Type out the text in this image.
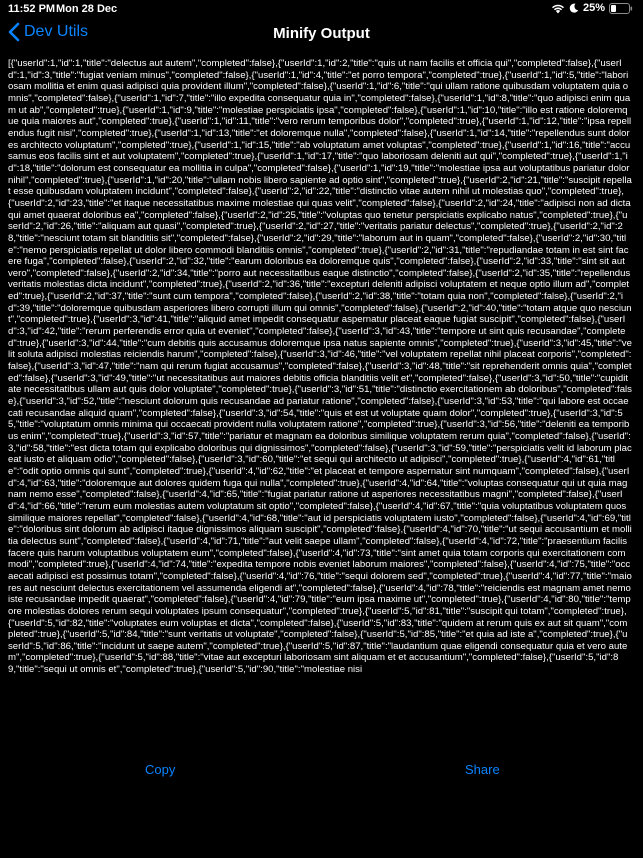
11:52 PM Mon 28 Dec	25%
Dev Utils	Minify Output
[{"userId":1,"id":1,"title":"delectus aut autem","completed":false},{"userId":1,"id":2,"title":"quis ut nam facilis et officia qui","completed":false},{"userId":1,"id":3,"title":"fugiat veniam minus","completed":false},{"userId":1,"id":4,"title":"et porro tempora","completed":true},{"userId":1,"id":5,"title":"laboriosam mollitia et enim quasi adipisci quia provident illum","completed":false},{"userId":1,"id":6,"title":"qui ullam ratione quibusdam voluptatem quia omnis","completed":false},{"userId":1,"id":7,"title":"illo expedita consequatur quia in","completed":false},{"userId":1,"id":8,"title":"quo adipisci enim quam ut ab","completed":true},{"userId":1,"id":9,"title":"molestiae perspiciatis ipsa","completed":false},{"userId":1,"id":10,"title":"illo est ratione doloremque quia maiores aut","completed":true},{"userId":1,"id":11,"title":"vero rerum temporibus dolor","completed":true},{"userId":1,"id":12,"title":"ipsa repellendus fugit nisi","completed":true},{"userId":1,"id":13,"title":"et doloremque nulla","completed":false},{"userId":1,"id":14,"title":"repellendus sunt dolores architecto voluptatum","completed":true},{"userId":1,"id":15,"title":"ab voluptatum amet voluptas","completed":true},{"userId":1,"id":16,"title":"accusamus eos facilis sint et aut voluptatem","completed":true},{"userId":1,"id":17,"title":"quo laboriosam deleniti aut qui","completed":true},{"userId":1,"id":18,"title":"dolorum est consequatur ea mollitia in culpa","completed":false},{"userId":1,"id":19,"title":"molestiae ipsa aut voluptatibus pariatur dolor nihil","completed":true},{"userId":1,"id":20,"title":"ullam nobis libero sapiente ad optio sint","completed":true},{"userId":2,"id":21,"title":"suscipit repellat esse quibusdam voluptatem incidunt","completed":false},{"userId":2,"id":22,"title":"distinctio vitae autem nihil ut molestias quo","completed":true},{"userId":2,"id":23,"title":"et itaque necessitatibus maxime molestiae qui quas velit","completed":false},{"userId":2,"id":24,"title":"adipisci non ad dicta qui amet quaerat doloribus ea","completed":false},{"userId":2,"id":25,"title":"voluptas quo tenetur perspiciatis explicabo natus","completed":true},{"userId":2,"id":26,"title":"aliquam aut quasi","completed":true},{"userId":2,"id":27,"title":"veritatis pariatur delectus","completed":true},{"userId":2,"id":28,"title":"nesciunt totam sit blanditiis sit","completed":false},{"userId":2,"id":29,"title":"laborum aut in quam","completed":false},{"userId":2,"id":30,"title":"nemo perspiciatis repellat ut dolor libero commodi blanditiis omnis","completed":true},{"userId":2,"id":31,"title":"repudiandae totam in est sint facere fuga","completed":false},{"userId":2,"id":32,"title":"earum doloribus ea doloremque quis","completed":false},{"userId":2,"id":33,"title":"sint sit aut vero","completed":false},{"userId":2,"id":34,"title":"porro aut necessitatibus eaque distinctio","completed":false},{"userId":2,"id":35,"title":"repellendus veritatis molestias dicta incidunt","completed":true},{"userId":2,"id":36,"title":"excepturi deleniti adipisci voluptatem et neque optio illum ad","completed":true},{"userId":2,"id":37,"title":"sunt cum tempora","completed":false},{"userId":2,"id":38,"title":"totam quia non","completed":false},{"userId":2,"id":39,"title":"doloremque quibusdam asperiores libero corrupti illum qui omnis","completed":false},{"userId":2,"id":40,"title":"totam atque quo nesciunt","completed":true},{"userId":3,"id":41,"title":"aliquid amet impedit consequatur aspernatur placeat eaque fugiat suscipit","completed":false},{"userId":3,"id":42,"title":"rerum perferendis error quia ut eveniet","completed":false},{"userId":3,"id":43,"title":"tempore ut sint quis recusandae","completed":true},{"userId":3,"id":44,"title":"cum debitis quis accusamus doloremque ipsa natus sapiente omnis","completed":true},{"userId":3,"id":45,"title":"velit soluta adipisci molestias reiciendis harum","completed":false},{"userId":3,"id":46,"title":"vel voluptatem repellat nihil placeat corporis","completed":false},{"userId":3,"id":47,"title":"nam qui rerum fugiat accusamus","completed":false},{"userId":3,"id":48,"title":"sit reprehenderit omnis quia","completed":false},{"userId":3,"id":49,"title":"ut necessitatibus aut maiores debitis officia blanditiis velit et","completed":false},{"userId":3,"id":50,"title":"cupiditate necessitatibus ullam aut quis dolor voluptate","completed":true},{"userId":3,"id":51,"title":"distinctio exercitationem ab doloribus","completed":false},{"userId":3,"id":52,"title":"nesciunt dolorum quis recusandae ad pariatur ratione","completed":false},{"userId":3,"id":53,"title":"qui labore est occaecati recusandae aliquid quam","completed":false},{"userId":3,"id":54,"title":"quis et est ut voluptate quam dolor","completed":true},{"userId":3,"id":55,"title":"voluptatum omnis minima qui occaecati provident nulla voluptatem ratione","completed":true},{"userId":3,"id":56,"title":"deleniti ea temporibus enim","completed":true},{"userId":3,"id":57,"title":"pariatur et magnam ea doloribus similique voluptatem rerum quia","completed":false},{"userId":3,"id":58,"title":"est dicta totam qui explicabo doloribus qui dignissimos","completed":false},{"userId":3,"id":59,"title":"perspiciatis velit id laborum placeat iusto et aliquam odio","completed":false},{"userId":3,"id":60,"title":"et sequi qui architecto ut adipisci","completed":true},{"userId":4,"id":61,"title":"odit optio omnis qui sunt","completed":true},{"userId":4,"id":62,"title":"et placeat et tempore aspernatur sint numquam","completed":false},{"userId":4,"id":63,"title":"doloremque aut dolores quidem fuga qui nulla","completed":true},{"userId":4,"id":64,"title":"voluptas consequatur qui ut quia magnam nemo esse","completed":false},{"userId":4,"id":65,"title":"fugiat pariatur ratione ut asperiores necessitatibus magni","completed":false},{"userId":4,"id":66,"title":"rerum eum molestias autem voluptatum sit optio","completed":false},{"userId":4,"id":67,"title":"quia voluptatibus voluptatem quos similique maiores repellat","completed":false},{"userId":4,"id":68,"title":"aut id perspiciatis voluptatem iusto","completed":false},{"userId":4,"id":69,"title":"doloribus sint dolorum ab adipisci itaque dignissimos aliquam suscipit","completed":false},{"userId":4,"id":70,"title":"ut sequi accusantium et mollitia delectus sunt","completed":false},{"userId":4,"id":71,"title":"aut velit saepe ullam","completed":false},{"userId":4,"id":72,"title":"praesentium facilis facere quis harum voluptatibus voluptatem eum","completed":false},{"userId":4,"id":73,"title":"sint amet quia totam corporis qui exercitationem commodi","completed":true},{"userId":4,"id":74,"title":"expedita tempore nobis eveniet laborum maiores","completed":false},{"userId":4,"id":75,"title":"occaecati adipisci est possimus totam","completed":false},{"userId":4,"id":76,"title":"sequi dolorem sed","completed":true},{"userId":4,"id":77,"title":"maiores aut nesciunt delectus exercitationem vel assumenda eligendi at","completed":false},{"userId":4,"id":78,"title":"reiciendis est magnam amet nemo iste recusandae impedit quaerat","completed":false},{"userId":4,"id":79,"title":"eum ipsa maxime ut","completed":true},{"userId":4,"id":80,"title":"tempore molestias dolores rerum sequi voluptates ipsum consequatur","completed":true},{"userId":5,"id":81,"title":"suscipit qui totam","completed":true},{"userId":5,"id":82,"title":"voluptates eum voluptas et dicta","completed":false},{"userId":5,"id":83,"title":"quidem at rerum quis ex aut sit quam","completed":true},{"userId":5,"id":84,"title":"sunt veritatis ut voluptate","completed":false},{"userId":5,"id":85,"title":"et quia ad iste a","completed":true},{"userId":5,"id":86,"title":"incidunt ut saepe autem","completed":true},{"userId":5,"id":87,"title":"laudantium quae eligendi consequatur quia et vero autem","completed":true},{"userId":5,"id":88,"title":"vitae aut excepturi laboriosam sint aliquam et et accusantium","completed":false},{"userId":5,"id":89,"title":"sequi ut omnis et","completed":true},{"userId":5,"id":90,"title":"molestiae nisi
Copy	Share
